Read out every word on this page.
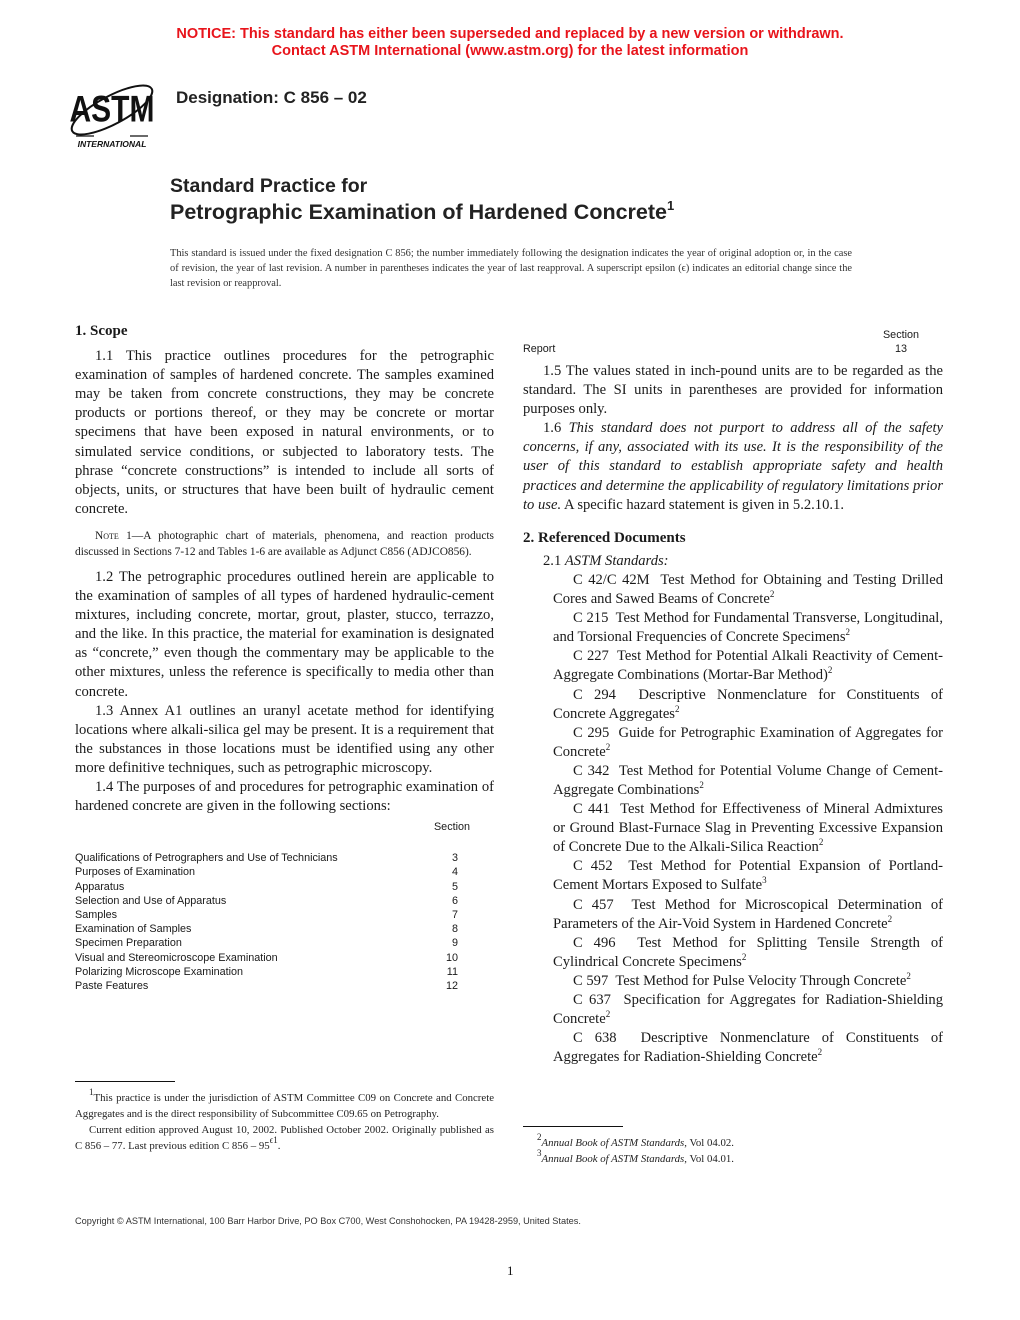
NOTICE: This standard has either been superseded and replaced by a new version or withdrawn.
Contact ASTM International (www.astm.org) for the latest information
ASTM
INTERNATIONAL
Designation: C 856 – 02
Standard Practice for
Petrographic Examination of Hardened Concrete$^1$
This standard is issued under the fixed designation C 856; the number immediately following the designation indicates the year of original adoption or, in the case of revision, the year of last revision. A number in parentheses indicates the year of last reapproval. A superscript epsilon (ϵ) indicates an editorial change since the last revision or reapproval.
1. Scope

1.1 This practice outlines procedures for the petrographic examination of samples of hardened concrete. The samples examined may be taken from concrete constructions, they may be concrete products or portions thereof, or they may be concrete or mortar specimens that have been exposed in natural environments, or to simulated service conditions, or subjected to laboratory tests. The phrase “concrete constructions” is intended to include all sorts of objects, units, or structures that have been built of hydraulic cement concrete.

Note 1—A photographic chart of materials, phenomena, and reaction products discussed in Sections 7-12 and Tables 1-6 are available as Adjunct C856 (ADJCO856).

1.2 The petrographic procedures outlined herein are applicable to the examination of samples of all types of hardened hydraulic-cement mixtures, including concrete, mortar, grout, plaster, stucco, terrazzo, and the like. In this practice, the material for examination is designated as “concrete,” even though the commentary may be applicable to the other mixtures, unless the reference is specifically to media other than concrete.

1.3 Annex A1 outlines an uranyl acetate method for identifying locations where alkali-silica gel may be present. It is a requirement that the substances in those locations must be identified using any other more definitive techniques, such as petrographic microscopy.

1.4 The purposes of and procedures for petrographic examination of hardened concrete are given in the following sections:

Section
Qualifications of Petrographers and Use of Technicians	3
Purposes of Examination	4
Apparatus	5
Selection and Use of Apparatus	6
Samples	7
Examination of Samples	8
Specimen Preparation	9
Visual and Stereomicroscope Examination	10
Polarizing Microscope Examination	11
Paste Features	12

$^1$This practice is under the jurisdiction of ASTM Committee C09 on Concrete and Concrete Aggregates and is the direct responsibility of Subcommittee C09.65 on Petrography.

Current edition approved August 10, 2002. Published October 2002. Originally published as C 856 – 77. Last previous edition C $856 - 95^{\epsilon 1}$.

Section
Report	13

1.5 The values stated in inch-pound units are to be regarded as the standard. The SI units in parentheses are provided for information purposes only.

1.6 This standard does not purport to address all of the safety concerns, if any, associated with its use. It is the responsibility of the user of this standard to establish appropriate safety and health practices and determine the applicability of regulatory limitations prior to use. A specific hazard statement is given in 5.2.10.1.

2. Referenced Documents

2.1 ASTM Standards:

C 42/C 42M Test Method for Obtaining and Testing Drilled Cores and Sawed Beams of Concrete$^2$

C 215 Test Method for Fundamental Transverse, Longitudinal, and Torsional Frequencies of Concrete Specimens$^2$

C 227 Test Method for Potential Alkali Reactivity of Cement-Aggregate Combinations (Mortar-Bar Method)$^2$

C 294 Descriptive Nonmenclature for Constituents of Concrete Aggregates$^2$

C 295 Guide for Petrographic Examination of Aggregates for Concrete$^2$

C 342 Test Method for Potential Volume Change of Cement-Aggregate Combinations$^2$

C 441 Test Method for Effectiveness of Mineral Admixtures or Ground Blast-Furnace Slag in Preventing Excessive Expansion of Concrete Due to the Alkali-Silica Reaction$^2$

C 452 Test Method for Potential Expansion of Portland-Cement Mortars Exposed to Sulfate$^3$

C 457 Test Method for Microscopical Determination of Parameters of the Air-Void System in Hardened Concrete$^2$

C 496 Test Method for Splitting Tensile Strength of Cylindrical Concrete Specimens$^2$

C 597 Test Method for Pulse Velocity Through Concrete$^2$

C 637 Specification for Aggregates for Radiation-Shielding Concrete$^2$

C 638 Descriptive Nonmenclature of Constituents of Aggregates for Radiation-Shielding Concrete$^2$

$^2$Annual Book of ASTM Standards, Vol 04.02.

$^3$Annual Book of ASTM Standards, Vol 04.01.

Copyright © ASTM International, 100 Barr Harbor Drive, PO Box C700, West Conshohocken, PA 19428-2959, United States.
1
